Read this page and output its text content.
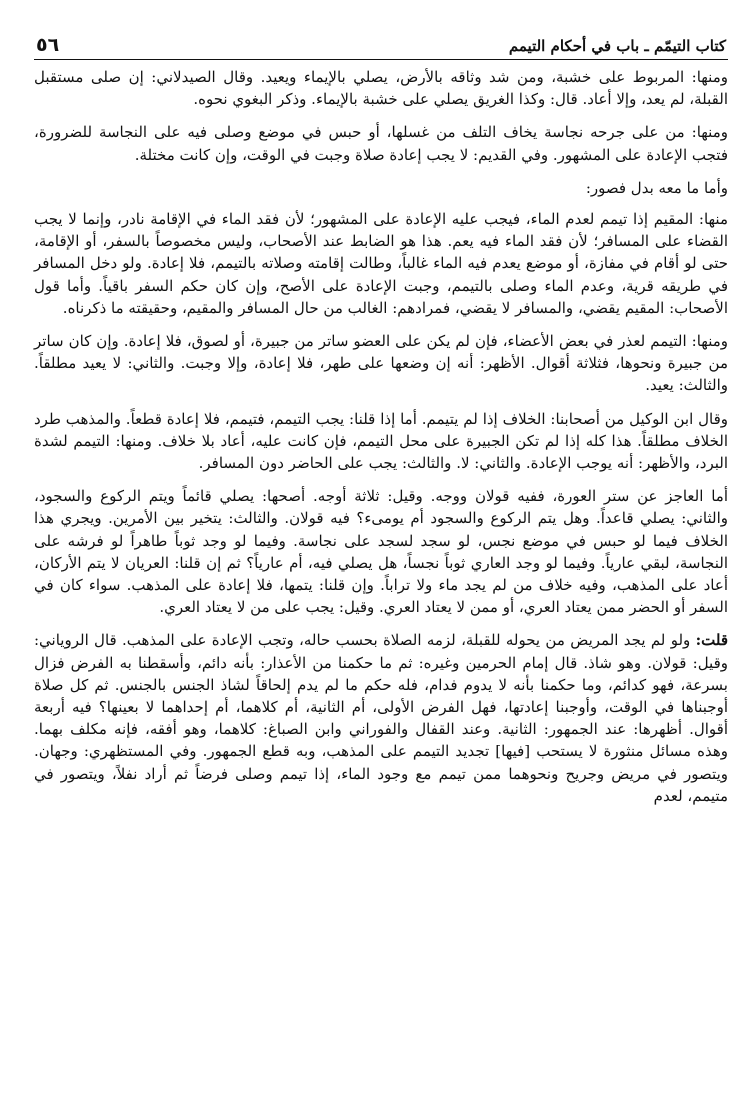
كتاب التيمّم ـ باب في أحكام التيمم
٥٦

ومنها: المربوط على خشبة، ومن شد وثاقه بالأرض، يصلي بالإيماء ويعيد. وقال الصيدلاني: إن صلى مستقبل القبلة، لم يعد، وإلا أعاد. قال: وكذا الغريق يصلي على خشبة بالإيماء. وذكر البغوي نحوه.

ومنها: من على جرحه نجاسة يخاف التلف من غسلها، أو حبس في موضع وصلى فيه على النجاسة للضرورة، فتجب الإعادة على المشهور. وفي القديم: لا يجب إعادة صلاة وجبت في الوقت، وإن كانت مختلة.

وأما ما معه بدل فصور:

منها: المقيم إذا تيمم لعدم الماء، فيجب عليه الإعادة على المشهور؛ لأن فقد الماء في الإقامة نادر، وإنما لا يجب القضاء على المسافر؛ لأن فقد الماء فيه يعم. هذا هو الضابط عند الأصحاب، وليس مخصوصاً بالسفر، أو الإقامة، حتى لو أقام في مفازة، أو موضع يعدم فيه الماء غالباً، وطالت إقامته وصلاته بالتيمم، فلا إعادة. ولو دخل المسافر في طريقه قرية، وعدم الماء وصلى بالتيمم، وجبت الإعادة على الأصح، وإن كان حكم السفر باقياً. وأما قول الأصحاب: المقيم يقضي، والمسافر لا يقضي، فمرادهم: الغالب من حال المسافر والمقيم، وحقيقته ما ذكرناه.

ومنها: التيمم لعذر في بعض الأعضاء، فإن لم يكن على العضو ساتر من جبيرة، أو لصوق، فلا إعادة. وإن كان ساتر من جبيرة ونحوها، فثلاثة أقوال. الأظهر: أنه إن وضعها على طهر، فلا إعادة، وإلا وجبت. والثاني: لا يعيد مطلقاً. والثالث: يعيد.

وقال ابن الوكيل من أصحابنا: الخلاف إذا لم يتيمم. أما إذا قلنا: يجب التيمم، فتيمم، فلا إعادة قطعاً. والمذهب طرد الخلاف مطلقاً. هذا كله إذا لم تكن الجبيرة على محل التيمم، فإن كانت عليه، أعاد بلا خلاف. ومنها: التيمم لشدة البرد، والأظهر: أنه يوجب الإعادة. والثاني: لا. والثالث: يجب على الحاضر دون المسافر.

أما العاجز عن ستر العورة، ففيه قولان ووجه. وقيل: ثلاثة أوجه. أصحها: يصلي قائماً ويتم الركوع والسجود، والثاني: يصلي قاعداً. وهل يتم الركوع والسجود أم يومىء؟ فيه قولان. والثالث: يتخير بين الأمرين. ويجري هذا الخلاف فيما لو حبس في موضع نجس، لو سجد لسجد على نجاسة. وفيما لو وجد ثوباً طاهراً لو فرشه على النجاسة، لبقي عارياً. وفيما لو وجد العاري ثوباً نجساً، هل يصلي فيه، أم عارياً؟ ثم إن قلنا: العريان لا يتم الأركان، أعاد على المذهب، وفيه خلاف من لم يجد ماء ولا تراباً. وإن قلنا: يتمها، فلا إعادة على المذهب. سواء كان في السفر أو الحضر ممن يعتاد العري، أو ممن لا يعتاد العري. وقيل: يجب على من لا يعتاد العري.

قلت: ولو لم يجد المريض من يحوله للقبلة، لزمه الصلاة بحسب حاله، وتجب الإعادة على المذهب. قال الروياني: وقيل: قولان. وهو شاذ. قال إمام الحرمين وغيره: ثم ما حكمنا من الأعذار: بأنه دائم، وأسقطنا به الفرض فزال بسرعة، فهو كدائم، وما حكمنا بأنه لا يدوم فدام، فله حكم ما لم يدم إلحاقاً لشاذ الجنس بالجنس. ثم كل صلاة أوجبناها في الوقت، وأوجبنا إعادتها، فهل الفرض الأولى، أم الثانية، أم كلاهما، أم إحداهما لا بعينها؟ فيه أربعة أقوال. أظهرها: عند الجمهور: الثانية. وعند القفال والفوراني وابن الصباغ: كلاهما، وهو أفقه، فإنه مكلف بهما. وهذه مسائل منثورة لا يستحب [فيها] تجديد التيمم على المذهب، وبه قطع الجمهور. وفي المستظهري: وجهان. ويتصور في مريض وجريح ونحوهما ممن تيمم مع وجود الماء، إذا تيمم وصلى فرضاً ثم أراد نفلاً، ويتصور في متيمم، لعدم
